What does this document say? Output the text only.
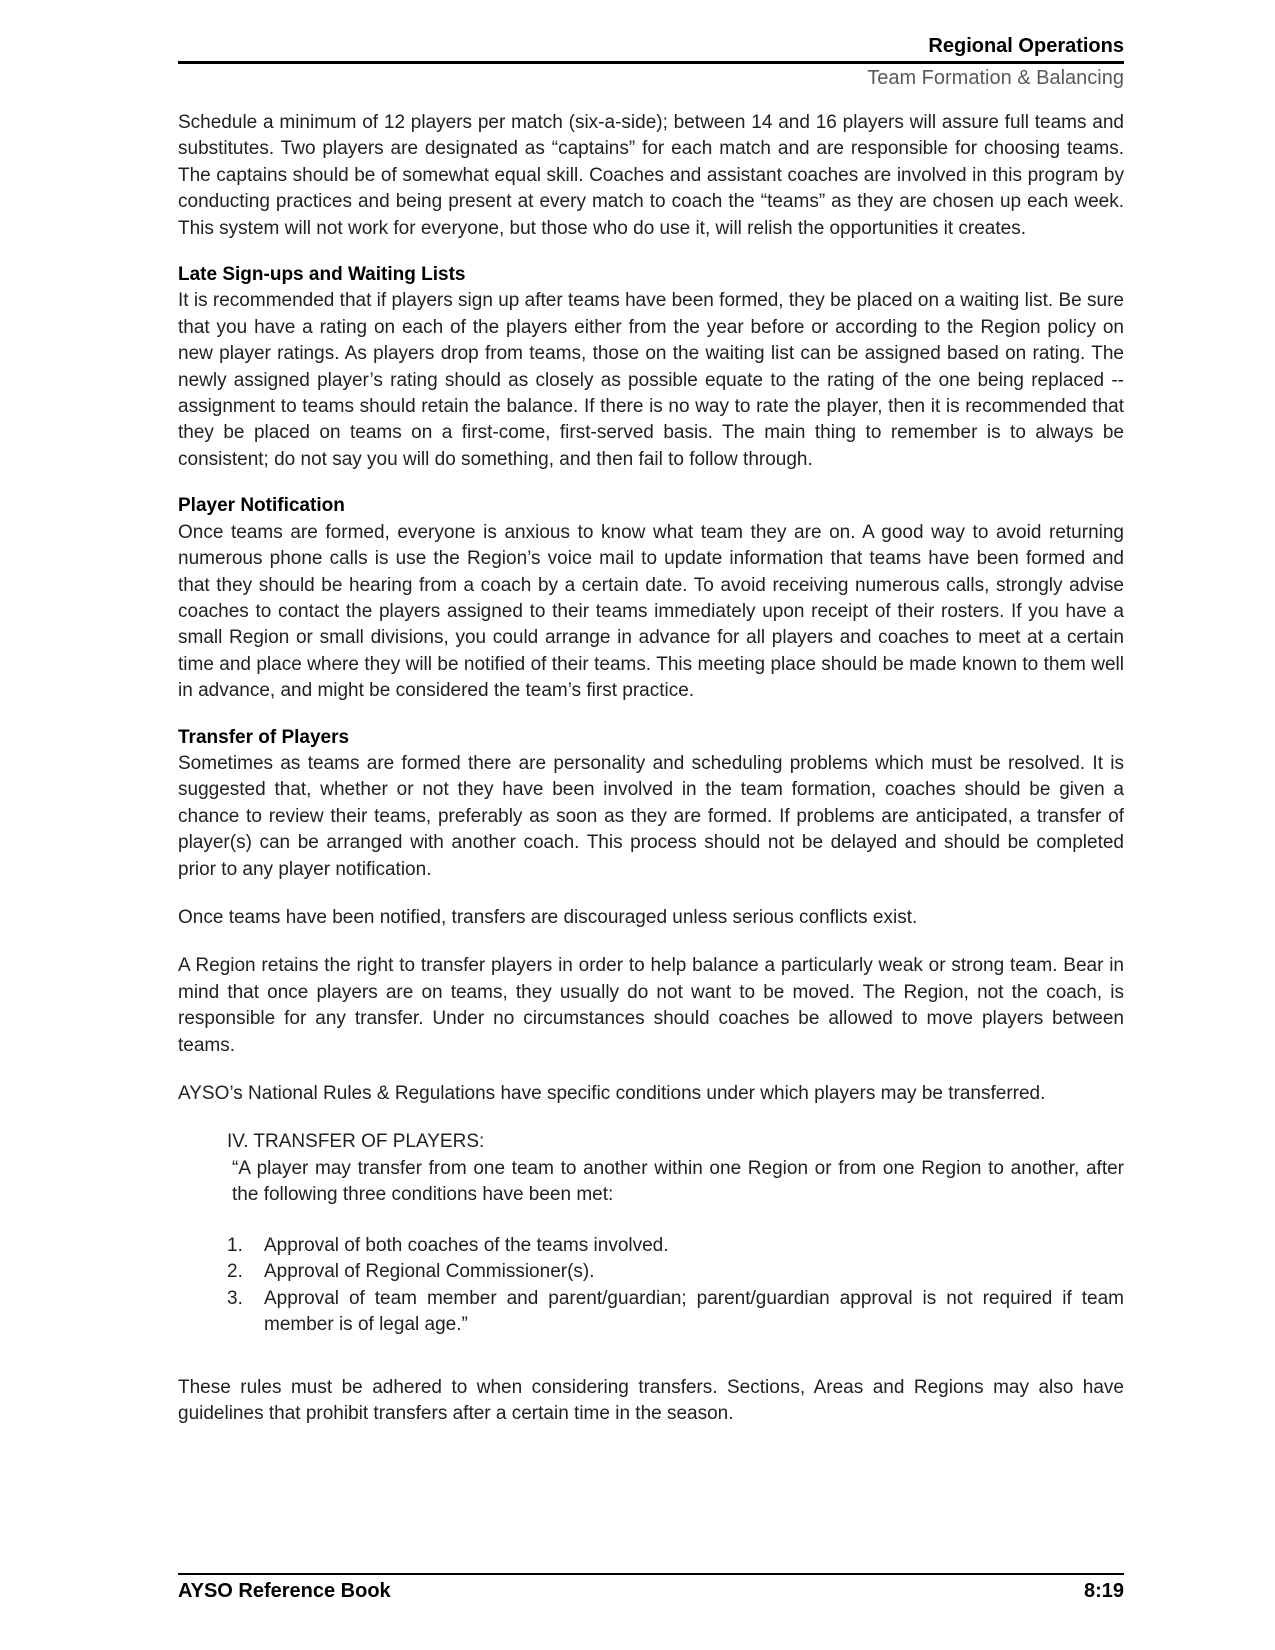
Regional Operations
Team Formation & Balancing

Schedule a minimum of 12 players per match (six-a-side); between 14 and 16 players will assure full teams and substitutes. Two players are designated as “captains” for each match and are responsible for choosing teams. The captains should be of somewhat equal skill. Coaches and assistant coaches are involved in this program by conducting practices and being present at every match to coach the “teams” as they are chosen up each week. This system will not work for everyone, but those who do use it, will relish the opportunities it creates.

Late Sign-ups and Waiting Lists

It is recommended that if players sign up after teams have been formed, they be placed on a waiting list. Be sure that you have a rating on each of the players either from the year before or according to the Region policy on new player ratings. As players drop from teams, those on the waiting list can be assigned based on rating. The newly assigned player’s rating should as closely as possible equate to the rating of the one being replaced -- assignment to teams should retain the balance. If there is no way to rate the player, then it is recommended that they be placed on teams on a first-come, first-served basis. The main thing to remember is to always be consistent; do not say you will do something, and then fail to follow through.

Player Notification

Once teams are formed, everyone is anxious to know what team they are on. A good way to avoid returning numerous phone calls is use the Region’s voice mail to update information that teams have been formed and that they should be hearing from a coach by a certain date. To avoid receiving numerous calls, strongly advise coaches to contact the players assigned to their teams immediately upon receipt of their rosters. If you have a small Region or small divisions, you could arrange in advance for all players and coaches to meet at a certain time and place where they will be notified of their teams. This meeting place should be made known to them well in advance, and might be considered the team’s first practice.

Transfer of Players

Sometimes as teams are formed there are personality and scheduling problems which must be resolved. It is suggested that, whether or not they have been involved in the team formation, coaches should be given a chance to review their teams, preferably as soon as they are formed. If problems are anticipated, a transfer of player(s) can be arranged with another coach. This process should not be delayed and should be completed prior to any player notification.

Once teams have been notified, transfers are discouraged unless serious conflicts exist.

A Region retains the right to transfer players in order to help balance a particularly weak or strong team. Bear in mind that once players are on teams, they usually do not want to be moved. The Region, not the coach, is responsible for any transfer. Under no circumstances should coaches be allowed to move players between teams.

AYSO’s National Rules & Regulations have specific conditions under which players may be transferred.

IV. TRANSFER OF PLAYERS:
“A player may transfer from one team to another within one Region or from one Region to another, after the following three conditions have been met:
1.	Approval of both coaches of the teams involved.
2.	Approval of Regional Commissioner(s).
3.	Approval of team member and parent/guardian; parent/guardian approval is not required if team member is of legal age.”

These rules must be adhered to when considering transfers. Sections, Areas and Regions may also have guidelines that prohibit transfers after a certain time in the season.

AYSO Reference Book	8:19
